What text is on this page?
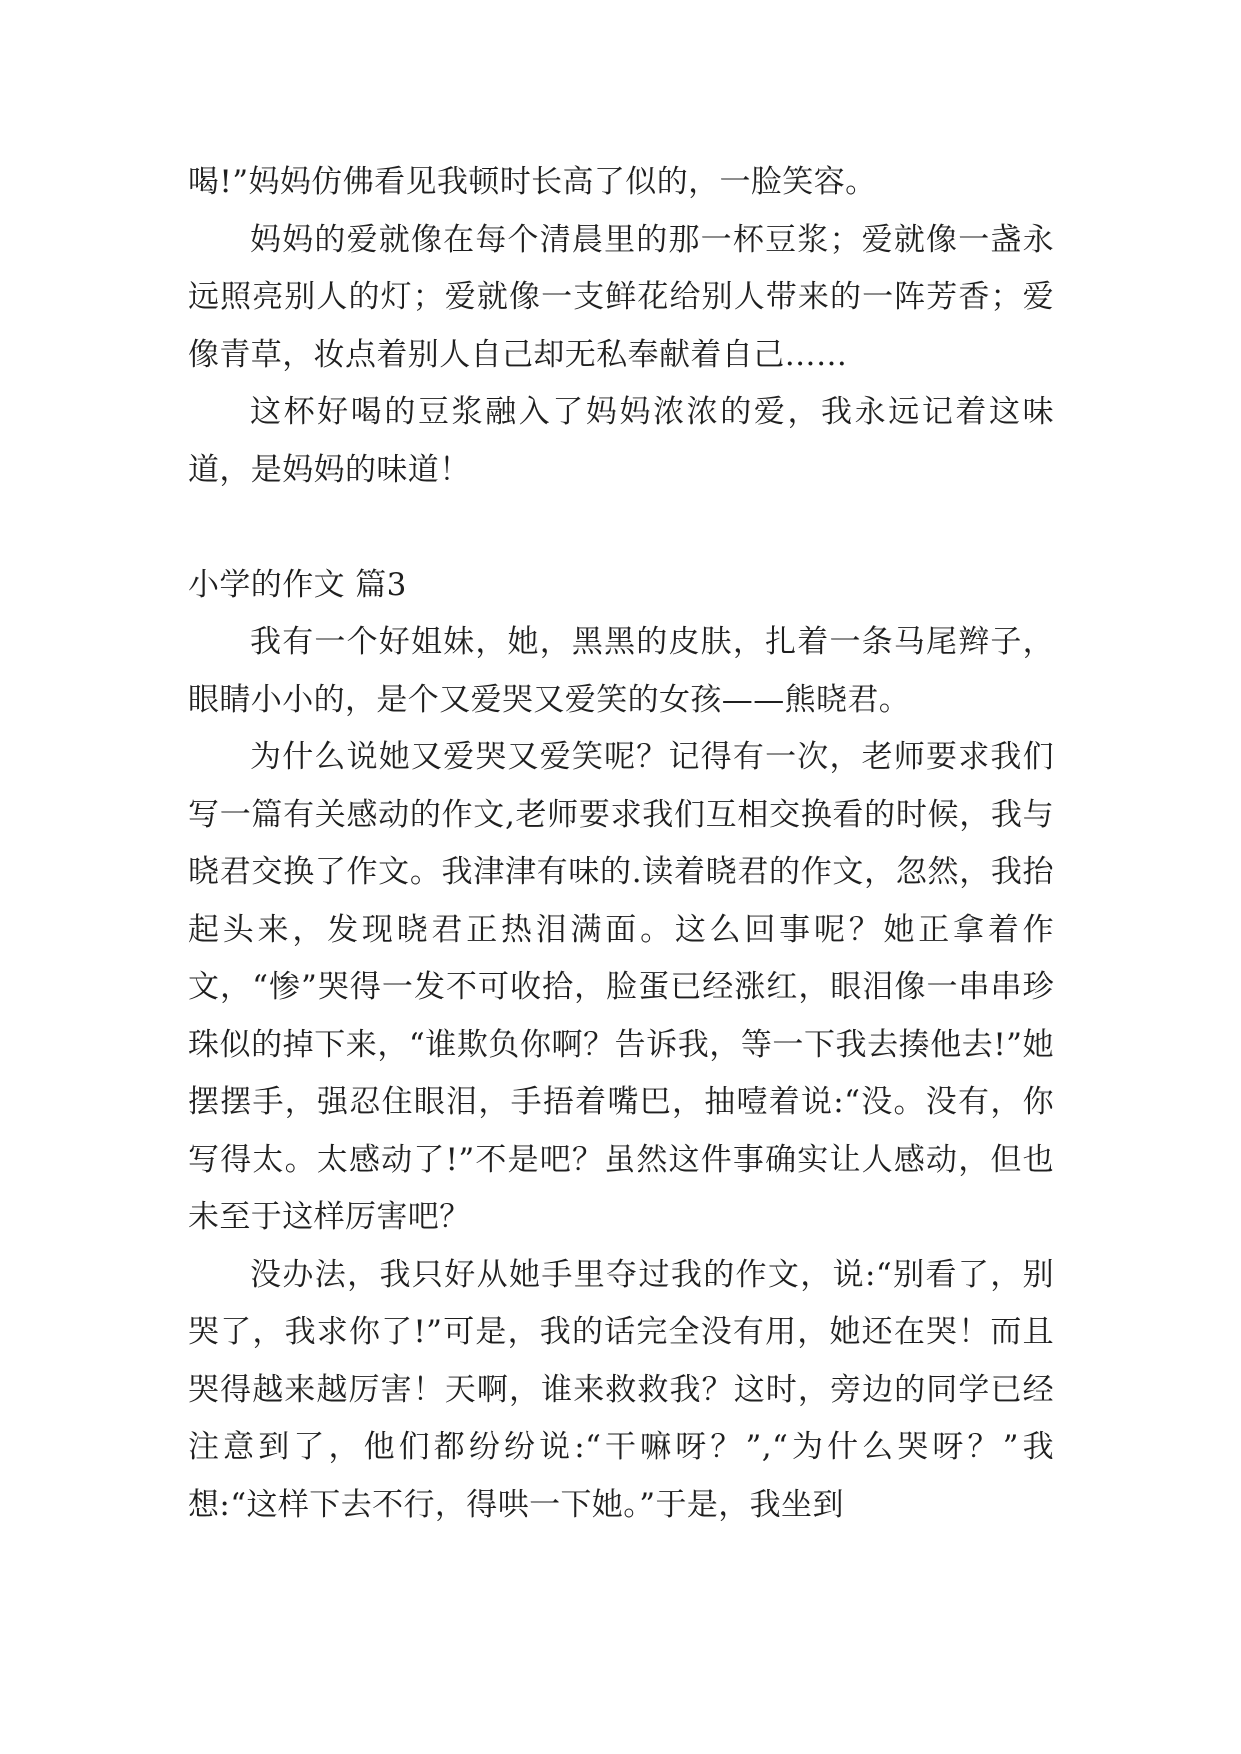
喝!”妈妈仿佛看见我顿时长高了似的，一脸笑容。

妈妈的爱就像在每个清晨里的那一杯豆浆；爱就像一盏永远照亮别人的灯；爱就像一支鲜花给别人带来的一阵芳香；爱像青草，妆点着别人自己却无私奉献着自己……

这杯好喝的豆浆融入了妈妈浓浓的爱，我永远记着这味道，是妈妈的味道！

小学的作文 篇3

我有一个好姐妹，她，黑黑的皮肤，扎着一条马尾辫子，眼睛小小的，是个又爱哭又爱笑的女孩——熊晓君。

为什么说她又爱哭又爱笑呢？记得有一次，老师要求我们写一篇有关感动的作文,老师要求我们互相交换看的时候，我与晓君交换了作文。我津津有味的.读着晓君的作文，忽然，我抬起头来，发现晓君正热泪满面。这么回事呢？她正拿着作文，“惨”哭得一发不可收拾，脸蛋已经涨红，眼泪像一串串珍珠似的掉下来，“谁欺负你啊？告诉我，等一下我去揍他去!”她摆摆手，强忍住眼泪，手捂着嘴巴，抽噎着说:“没。没有，你写得太。太感动了!”不是吧？虽然这件事确实让人感动，但也未至于这样厉害吧？

没办法，我只好从她手里夺过我的作文，说:“别看了，别哭了，我求你了!”可是，我的话完全没有用，她还在哭！而且哭得越来越厉害！天啊，谁来救救我？这时，旁边的同学已经注意到了，他们都纷纷说:“干嘛呀？”,“为什么哭呀？”我想:“这样下去不行，得哄一下她。”于是，我坐到
